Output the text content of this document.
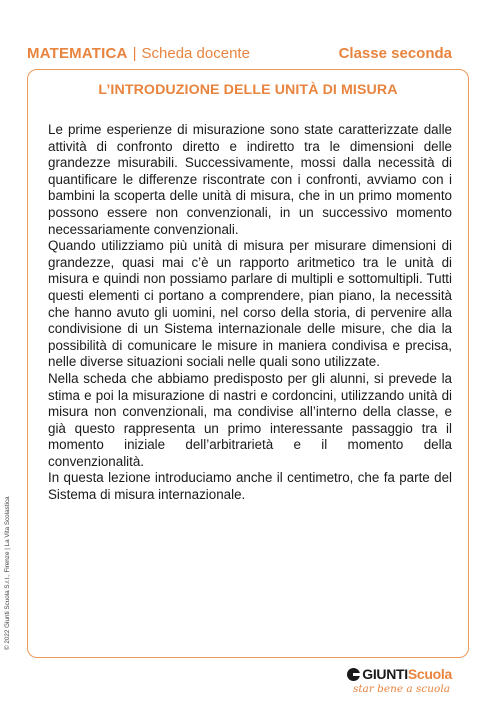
MATEMATICA | Scheda docente	Classe seconda
L’INTRODUZIONE DELLE UNITÀ DI MISURA

Le prime esperienze di misurazione sono state caratterizzate dalle attività di confronto diretto e indiretto tra le dimensioni delle grandezze misurabili. Successivamente, mossi dalla necessità di quantificare le differenze riscontrate con i confronti, avviamo con i bambini la scoperta delle unità di misura, che in un primo momento possono essere non convenzionali, in un successivo momento necessariamente convenzionali.

Quando utilizziamo più unità di misura per misurare dimensioni di grandezze, quasi mai c’è un rapporto aritmetico tra le unità di misura e quindi non possiamo parlare di multipli e sottomultipli. Tutti questi elementi ci portano a comprendere, pian piano, la necessità che hanno avuto gli uomini, nel corso della storia, di pervenire alla condivisione di un Sistema internazionale delle misure, che dia la possibilità di comunicare le misure in maniera condivisa e precisa, nelle diverse situazioni sociali nelle quali sono utilizzate.

Nella scheda che abbiamo predisposto per gli alunni, si prevede la stima e poi la misurazione di nastri e cordoncini, utilizzando unità di misura non convenzionali, ma condivise all’interno della classe, e già questo rappresenta un primo interessante passaggio tra il momento iniziale dell’arbitrarietà e il momento della convenzionalità.

In questa lezione introduciamo anche il centimetro, che fa parte del Sistema di misura internazionale.

© 2022 Giunti Scuola S.r.l., Firenze | La Vita Scolastica
GIUNTI Scuola
star bene a scuola
